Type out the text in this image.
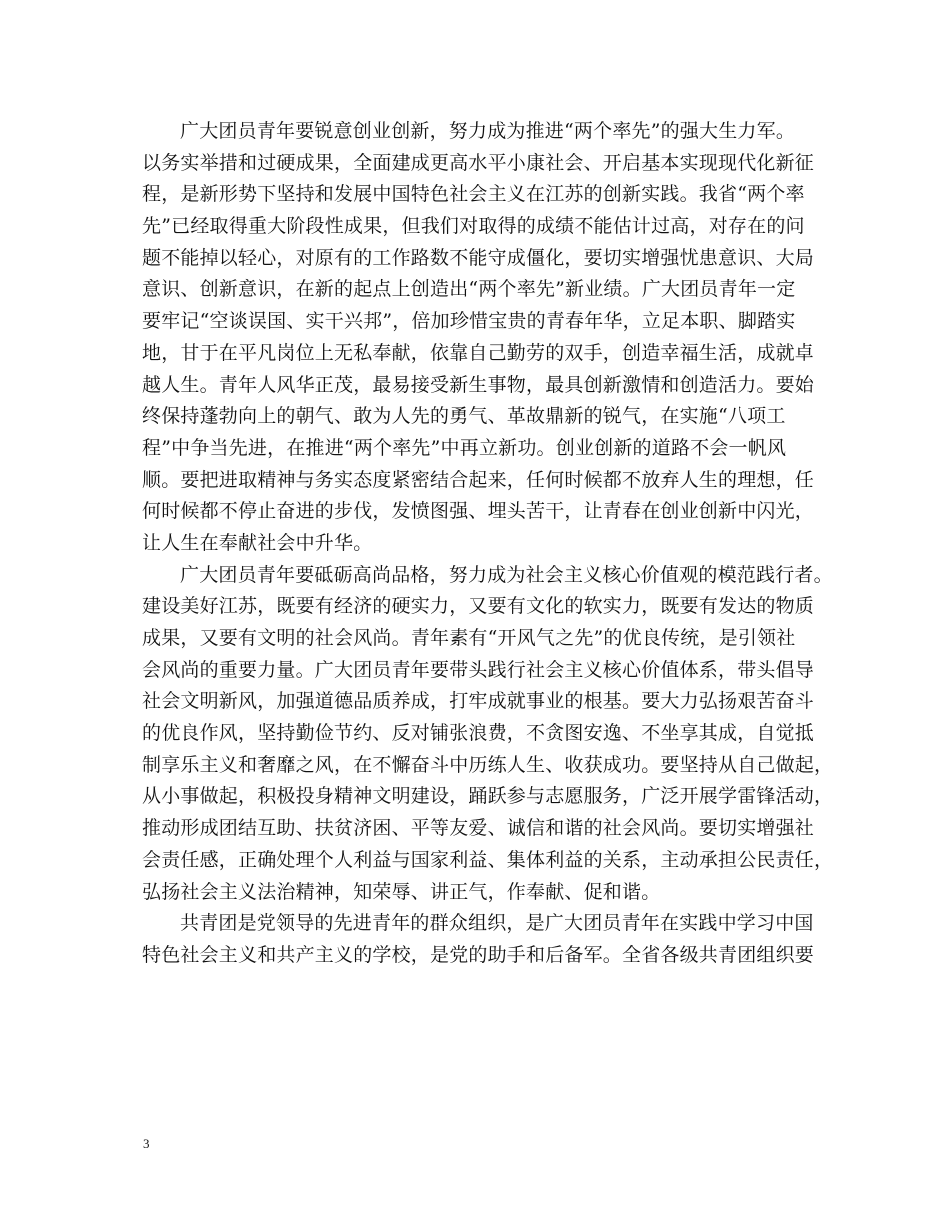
广大团员青年要锐意创业创新，努力成为推进“两个率先”的强大生力军。
以务实举措和过硬成果，全面建成更高水平小康社会、开启基本实现现代化新征
程，是新形势下坚持和发展中国特色社会主义在江苏的创新实践。我省“两个率
先”已经取得重大阶段性成果，但我们对取得的成绩不能估计过高，对存在的问
题不能掉以轻心，对原有的工作路数不能守成僵化，要切实增强忧患意识、大局
意识、创新意识，在新的起点上创造出“两个率先”新业绩。广大团员青年一定
要牢记“空谈误国、实干兴邦”，倍加珍惜宝贵的青春年华，立足本职、脚踏实
地，甘于在平凡岗位上无私奉献，依靠自己勤劳的双手，创造幸福生活，成就卓
越人生。青年人风华正茂，最易接受新生事物，最具创新激情和创造活力。要始
终保持蓬勃向上的朝气、敢为人先的勇气、革故鼎新的锐气，在实施“八项工
程”中争当先进，在推进“两个率先”中再立新功。创业创新的道路不会一帆风
顺。要把进取精神与务实态度紧密结合起来，任何时候都不放弃人生的理想，任
何时候都不停止奋进的步伐，发愤图强、埋头苦干，让青春在创业创新中闪光，
让人生在奉献社会中升华。
广大团员青年要砥砺高尚品格，努力成为社会主义核心价值观的模范践行者。
建设美好江苏，既要有经济的硬实力，又要有文化的软实力，既要有发达的物质
成果，又要有文明的社会风尚。青年素有“开风气之先”的优良传统，是引领社
会风尚的重要力量。广大团员青年要带头践行社会主义核心价值体系，带头倡导
社会文明新风，加强道德品质养成，打牢成就事业的根基。要大力弘扬艰苦奋斗
的优良作风，坚持勤俭节约、反对铺张浪费，不贪图安逸、不坐享其成，自觉抵
制享乐主义和奢靡之风，在不懈奋斗中历练人生、收获成功。要坚持从自己做起，
从小事做起，积极投身精神文明建设，踊跃参与志愿服务，广泛开展学雷锋活动，
推动形成团结互助、扶贫济困、平等友爱、诚信和谐的社会风尚。要切实增强社
会责任感，正确处理个人利益与国家利益、集体利益的关系，主动承担公民责任，
弘扬社会主义法治精神，知荣辱、讲正气，作奉献、促和谐。
共青团是党领导的先进青年的群众组织，是广大团员青年在实践中学习中国
特色社会主义和共产主义的学校，是党的助手和后备军。全省各级共青团组织要
3
